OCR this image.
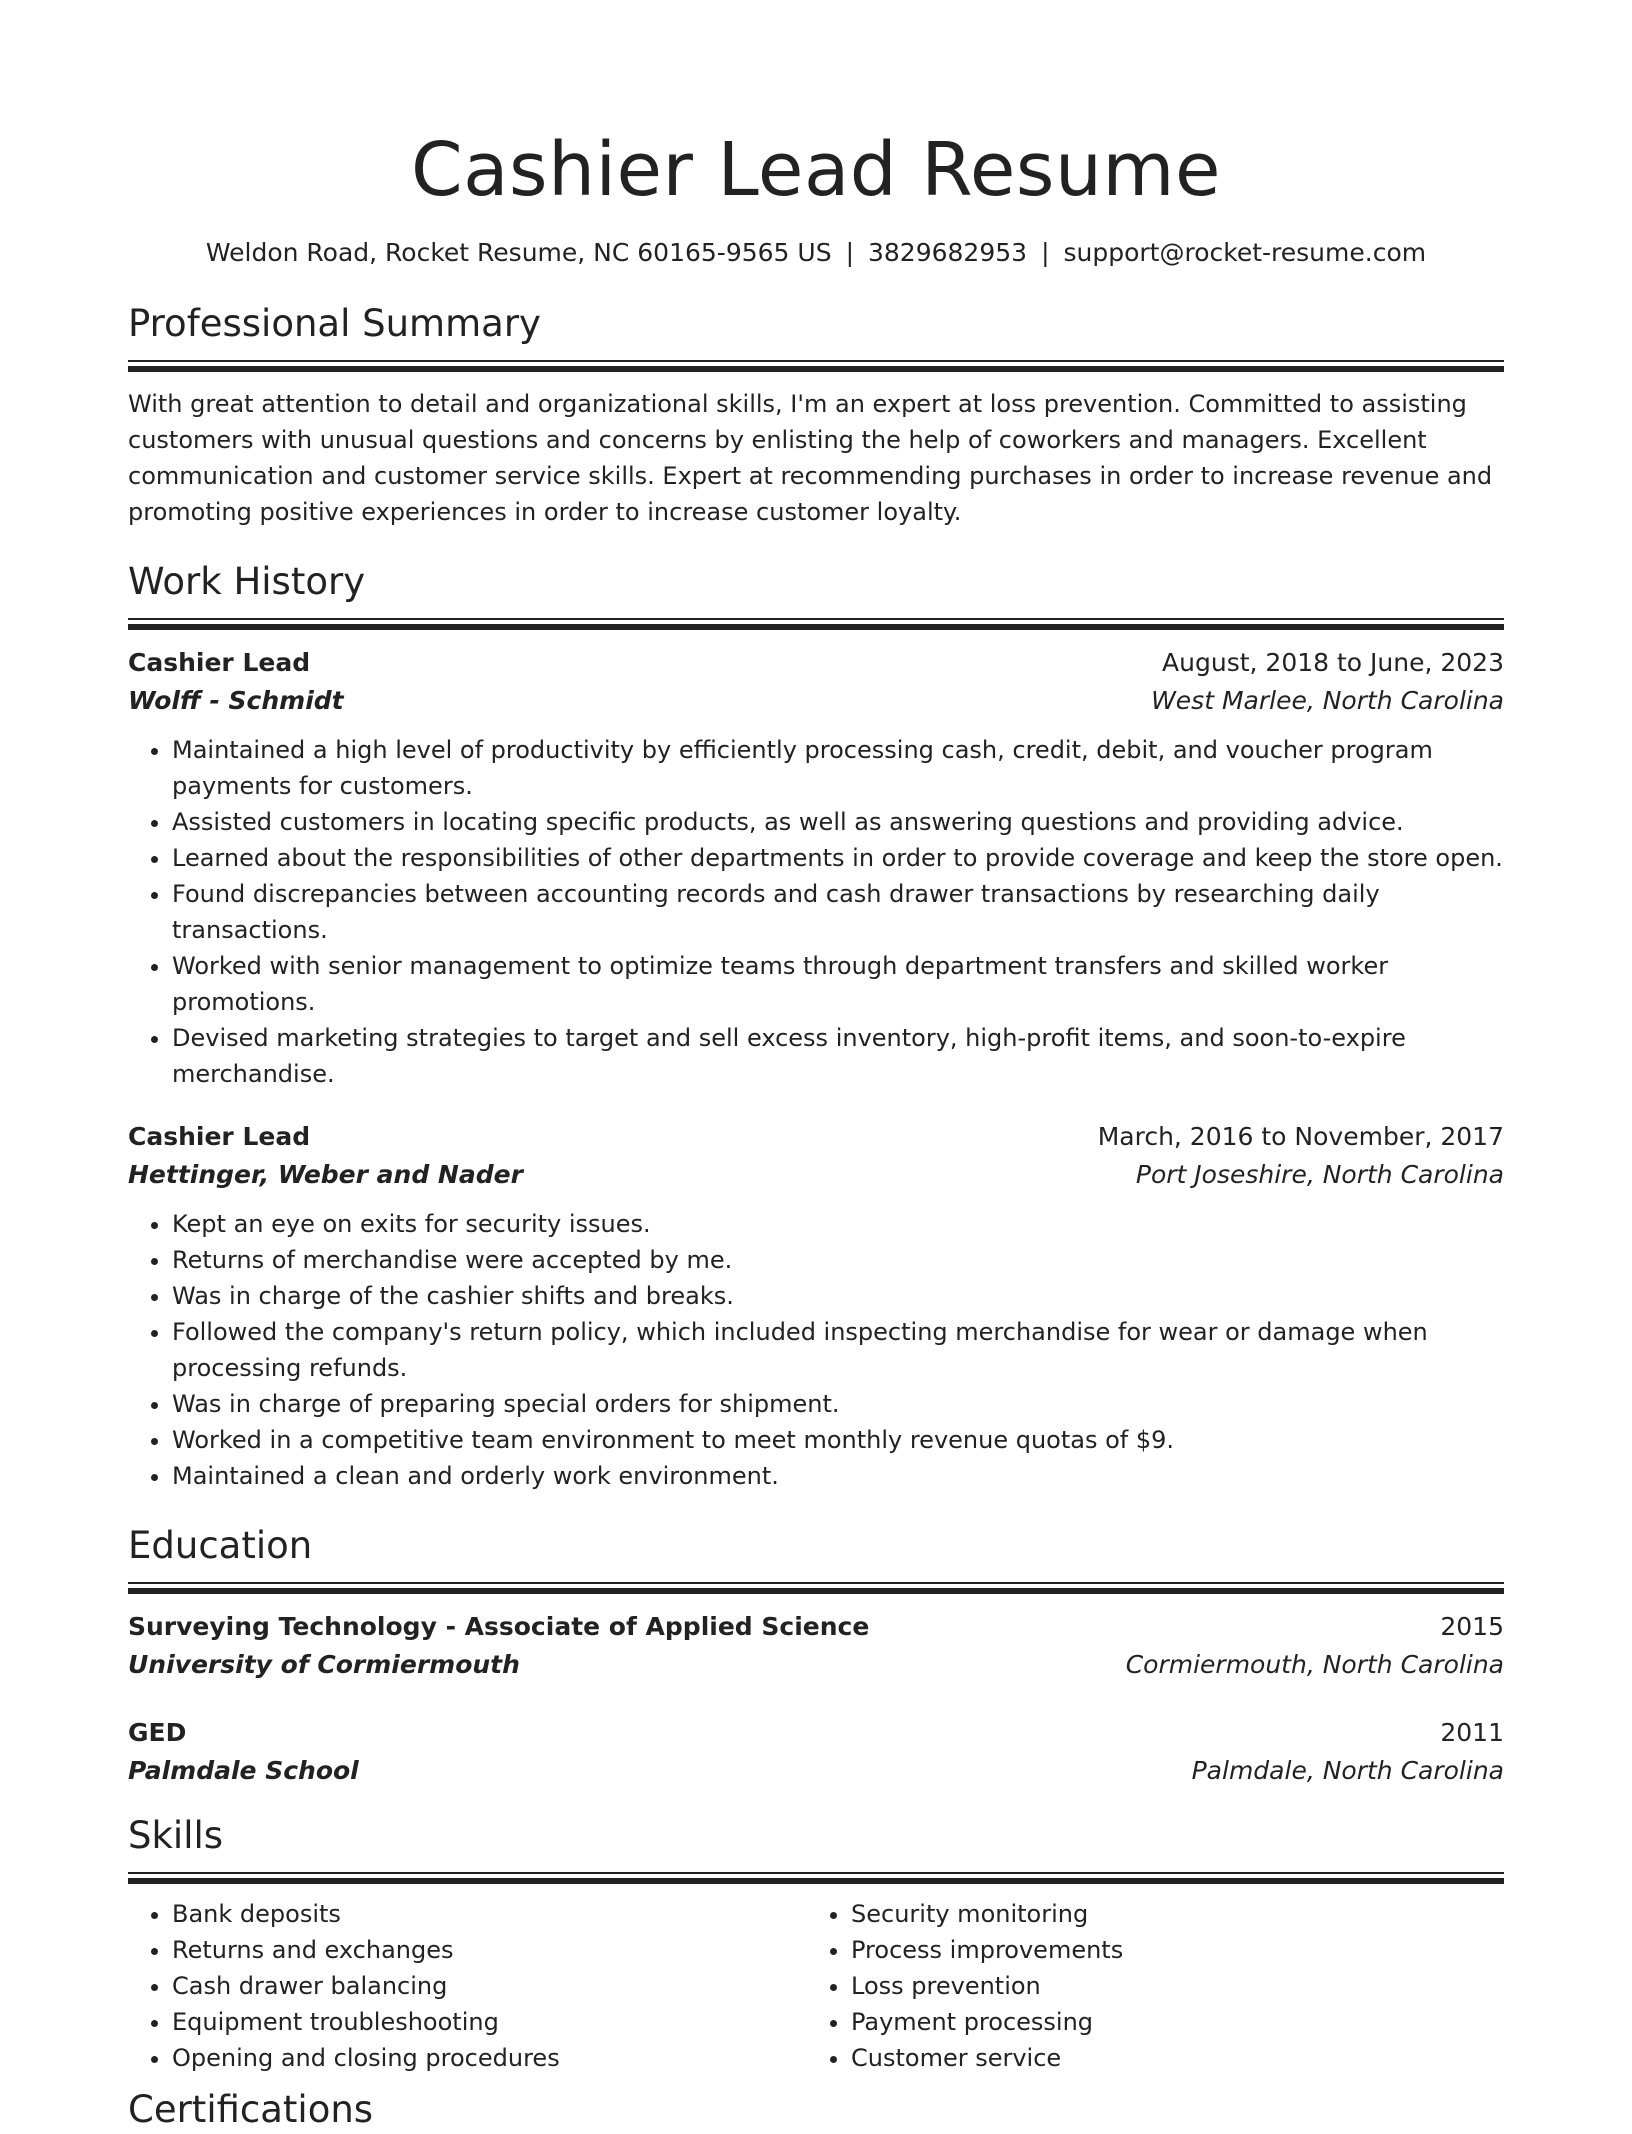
Cashier Lead Resume
Weldon Road, Rocket Resume, NC 60165-9565 US | 3829682953 | support@rocket-resume.com
Professional Summary
With great attention to detail and organizational skills, I'm an expert at loss prevention. Committed to assisting customers with unusual questions and concerns by enlisting the help of coworkers and managers. Excellent communication and customer service skills. Expert at recommending purchases in order to increase revenue and promoting positive experiences in order to increase customer loyalty.
Work History
Cashier Lead	August, 2018 to June, 2023
Wolff - Schmidt	West Marlee, North Carolina
• Maintained a high level of productivity by efficiently processing cash, credit, debit, and voucher program payments for customers.
• Assisted customers in locating specific products, as well as answering questions and providing advice.
• Learned about the responsibilities of other departments in order to provide coverage and keep the store open.
• Found discrepancies between accounting records and cash drawer transactions by researching daily transactions.
• Worked with senior management to optimize teams through department transfers and skilled worker promotions.
• Devised marketing strategies to target and sell excess inventory, high-profit items, and soon-to-expire merchandise.
Cashier Lead	March, 2016 to November, 2017
Hettinger, Weber and Nader	Port Joseshire, North Carolina
• Kept an eye on exits for security issues.
• Returns of merchandise were accepted by me.
• Was in charge of the cashier shifts and breaks.
• Followed the company's return policy, which included inspecting merchandise for wear or damage when processing refunds.
• Was in charge of preparing special orders for shipment.
• Worked in a competitive team environment to meet monthly revenue quotas of $9.
• Maintained a clean and orderly work environment.
Education
Surveying Technology - Associate of Applied Science	2015
University of Cormiermouth	Cormiermouth, North Carolina
GED	2011
Palmdale School	Palmdale, North Carolina
Skills
• Bank deposits
• Returns and exchanges
• Cash drawer balancing
• Equipment troubleshooting
• Opening and closing procedures
• Security monitoring
• Process improvements
• Loss prevention
• Payment processing
• Customer service
Certifications
